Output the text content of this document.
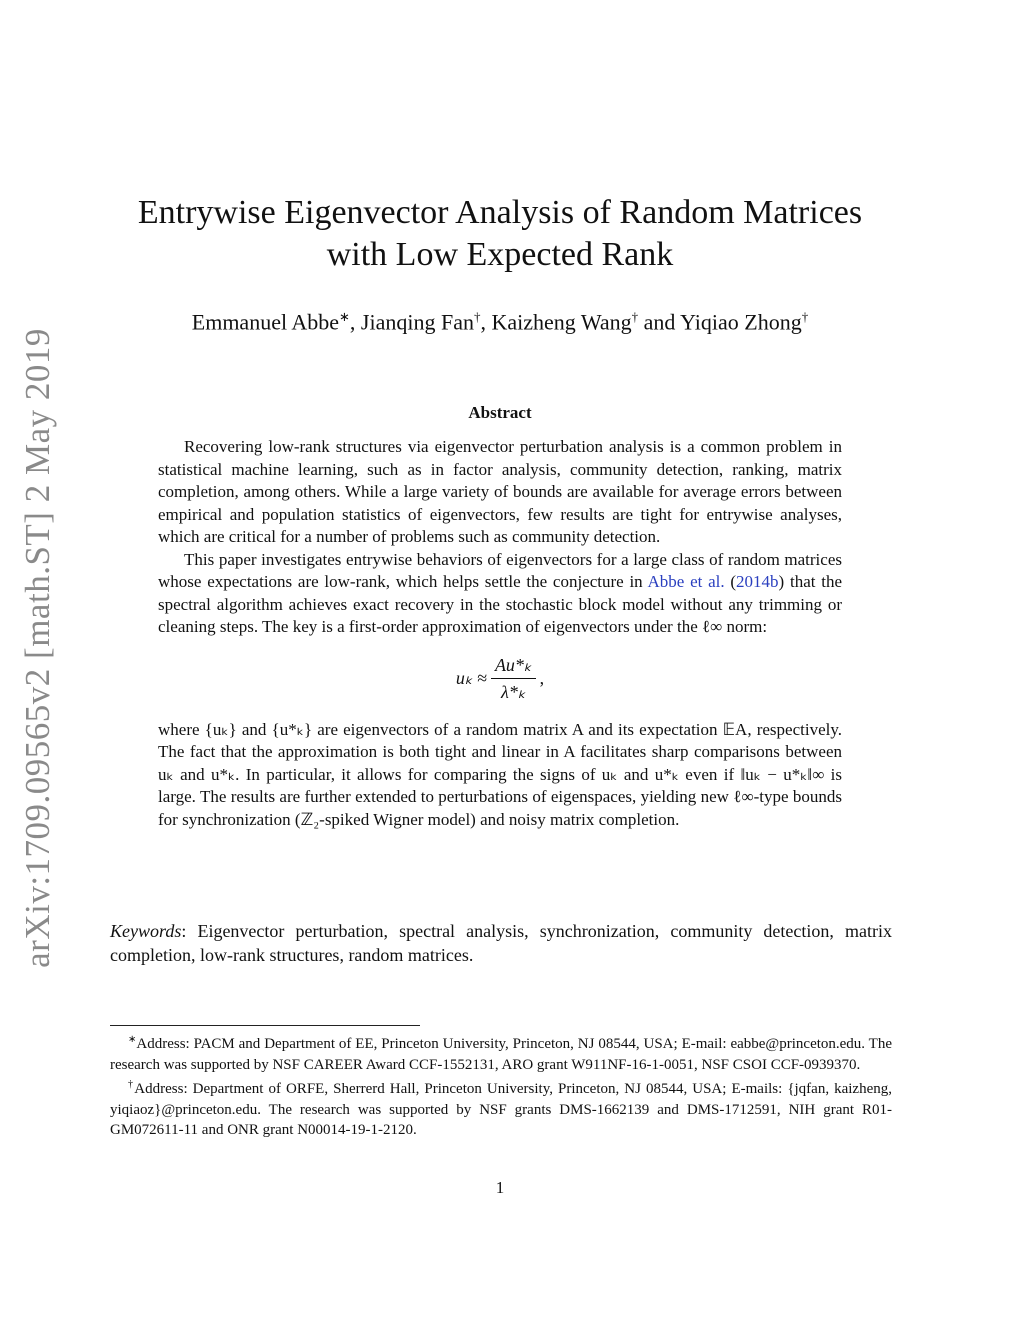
arXiv:1709.09565v2 [math.ST] 2 May 2019
Entrywise Eigenvector Analysis of Random Matrices
with Low Expected Rank
Emmanuel Abbe∗, Jianqing Fan†, Kaizheng Wang† and Yiqiao Zhong†
Abstract

Recovering low-rank structures via eigenvector perturbation analysis is a common problem in statistical machine learning, such as in factor analysis, community detection, ranking, matrix completion, among others. While a large variety of bounds are available for average errors between empirical and population statistics of eigenvectors, few results are tight for entrywise analyses, which are critical for a number of problems such as community detection.

This paper investigates entrywise behaviors of eigenvectors for a large class of random matrices whose expectations are low-rank, which helps settle the conjecture in Abbe et al. (2014b) that the spectral algorithm achieves exact recovery in the stochastic block model without any trimming or cleaning steps. The key is a first-order approximation of eigenvectors under the ℓ∞ norm:

$u_k \approx \frac{\text{Au*ₖ}}{\text{λ*ₖ}}$ ,

where {uₖ} and {u*ₖ} are eigenvectors of a random matrix A and its expectation 𝔼A, respectively. The fact that the approximation is both tight and linear in A facilitates sharp comparisons between uₖ and u*ₖ. In particular, it allows for comparing the signs of uₖ and u*ₖ even if ‖uₖ − u*ₖ‖∞ is large. The results are further extended to perturbations of eigenspaces, yielding new ℓ∞-type bounds for synchronization (ℤ₂-spiked Wigner model) and noisy matrix completion.

Keywords: Eigenvector perturbation, spectral analysis, synchronization, community detection, matrix completion, low-rank structures, random matrices.

∗Address: PACM and Department of EE, Princeton University, Princeton, NJ 08544, USA; E-mail: eabbe@princeton.edu. The research was supported by NSF CAREER Award CCF-1552131, ARO grant W911NF-16-1-0051, NSF CSOI CCF-0939370.

†Address: Department of ORFE, Sherrerd Hall, Princeton University, Princeton, NJ 08544, USA; E-mails: {jqfan, kaizheng, yiqiaoz}@princeton.edu. The research was supported by NSF grants DMS-1662139 and DMS-1712591, NIH grant R01-GM072611-11 and ONR grant N00014-19-1-2120.

1
